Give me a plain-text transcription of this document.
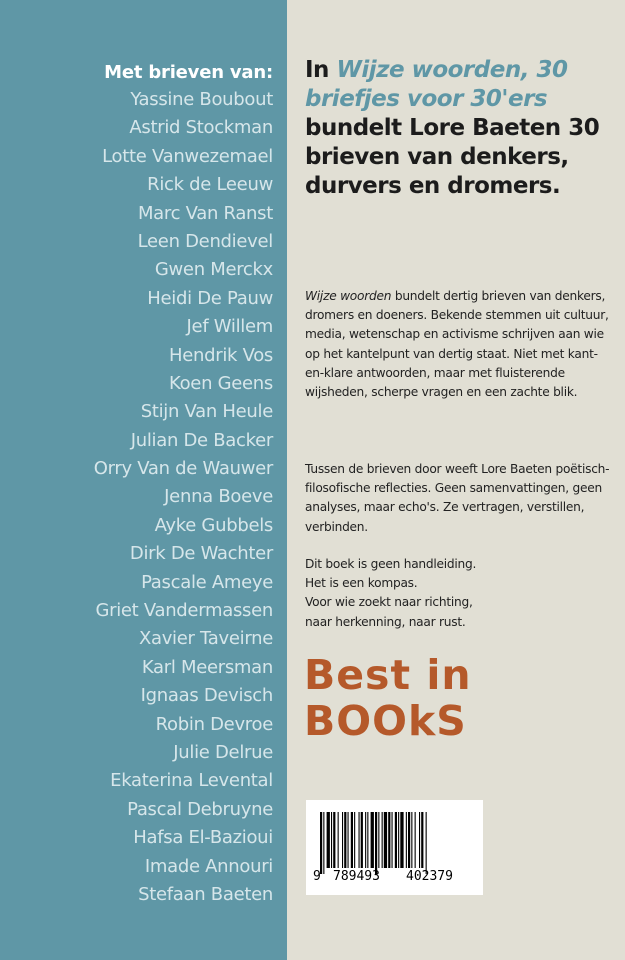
Met brieven van:
Yassine Boubout
Astrid Stockman
Lotte Vanwezemael
Rick de Leeuw
Marc Van Ranst
Leen Dendievel
Gwen Merckx
Heidi De Pauw
Jef Willem
Hendrik Vos
Koen Geens
Stijn Van Heule
Julian De Backer
Orry Van de Wauwer
Jenna Boeve
Ayke Gubbels
Dirk De Wachter
Pascale Ameye
Griet Vandermassen
Xavier Taveirne
Karl Meersman
Ignaas Devisch
Robin Devroe
Julie Delrue
Ekaterina Levental
Pascal Debruyne
Hafsa El-Bazioui
Imade Annouri
Stefaan Baeten
In Wijze woorden, 30 briefjes voor 30'ers bundelt Lore Baeten 30 brieven van denkers, durvers en dromers.

Wijze woorden bundelt dertig brieven van denkers, dromers en doeners. Bekende stemmen uit cultuur, media, wetenschap en activisme schrijven aan wie op het kantelpunt van dertig staat. Niet met kant-en-klare antwoorden, maar met fluisterende wijsheden, scherpe vragen en een zachte blik.

Tussen de brieven door weeft Lore Baeten poëtisch-filosofische reflecties. Geen samenvattingen, geen analyses, maar echo's. Ze vertragen, verstillen, verbinden.

Dit boek is geen handleiding.

Het is een kompas.

Voor wie zoekt naar richting,

naar herkenning, naar rust.

Best in
BOOkS
9 789493 402379
